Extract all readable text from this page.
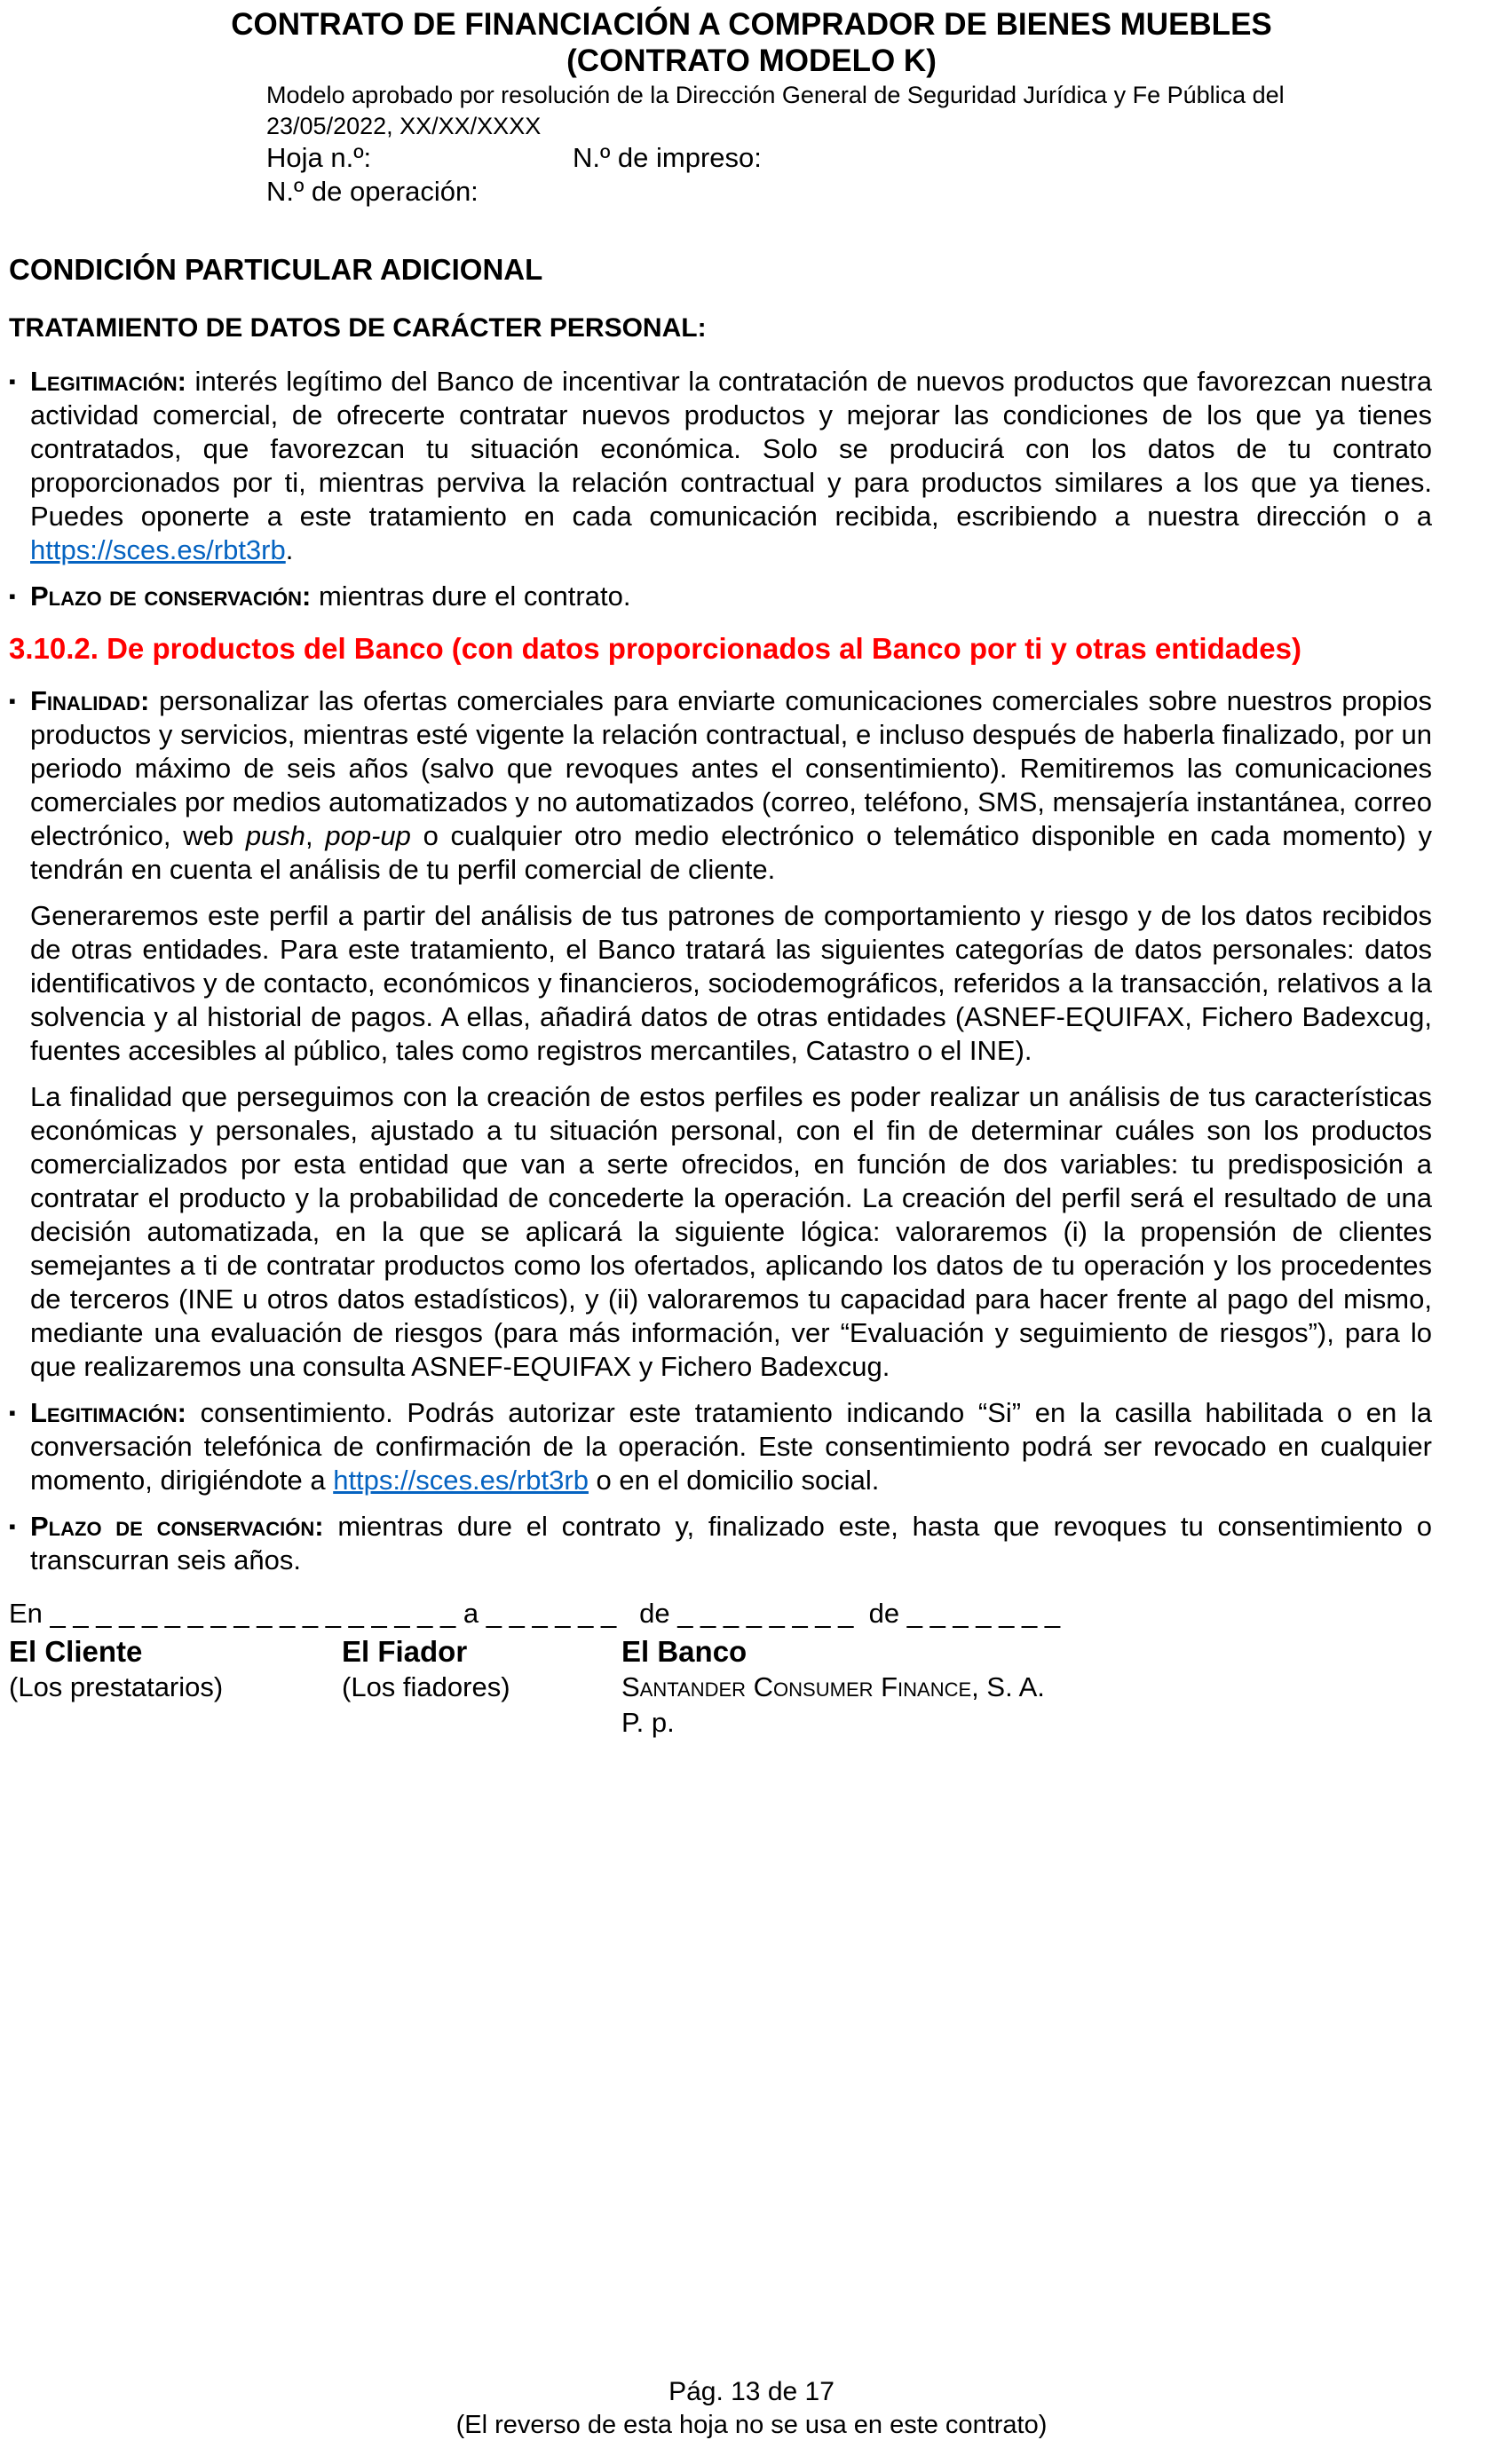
CONTRATO DE FINANCIACIÓN A COMPRADOR DE BIENES MUEBLES
(CONTRATO MODELO K)
Modelo aprobado por resolución de la Dirección General de Seguridad Jurídica y Fe Pública del
23/05/2022, XX/XX/XXXX
Hoja n.º:	N.º de impreso:
N.º de operación:
CONDICIÓN PARTICULAR ADICIONAL
TRATAMIENTO DE DATOS DE CARÁCTER PERSONAL:
▪ Legitimación: interés legítimo del Banco de incentivar la contratación de nuevos productos que favorezcan nuestra actividad comercial, de ofrecerte contratar nuevos productos y mejorar las condiciones de los que ya tienes contratados, que favorezcan tu situación económica. Solo se producirá con los datos de tu contrato proporcionados por ti, mientras perviva la relación contractual y para productos similares a los que ya tienes. Puedes oponerte a este tratamiento en cada comunicación recibida, escribiendo a nuestra dirección o a https://sces.es/rbt3rb.
▪ Plazo de conservación: mientras dure el contrato.
3.10.2. De productos del Banco (con datos proporcionados al Banco por ti y otras entidades)
▪ Finalidad: personalizar las ofertas comerciales para enviarte comunicaciones comerciales sobre nuestros propios productos y servicios, mientras esté vigente la relación contractual, e incluso después de haberla finalizado, por un periodo máximo de seis años (salvo que revoques antes el consentimiento). Remitiremos las comunicaciones comerciales por medios automatizados y no automatizados (correo, teléfono, SMS, mensajería instantánea, correo electrónico, web push, pop-up o cualquier otro medio electrónico o telemático disponible en cada momento) y tendrán en cuenta el análisis de tu perfil comercial de cliente.
Generaremos este perfil a partir del análisis de tus patrones de comportamiento y riesgo y de los datos recibidos de otras entidades. Para este tratamiento, el Banco tratará las siguientes categorías de datos personales: datos identificativos y de contacto, económicos y financieros, sociodemográficos, referidos a la transacción, relativos a la solvencia y al historial de pagos. A ellas, añadirá datos de otras entidades (ASNEF-EQUIFAX, Fichero Badexcug, fuentes accesibles al público, tales como registros mercantiles, Catastro o el INE).
La finalidad que perseguimos con la creación de estos perfiles es poder realizar un análisis de tus características económicas y personales, ajustado a tu situación personal, con el fin de determinar cuáles son los productos comercializados por esta entidad que van a serte ofrecidos, en función de dos variables: tu predisposición a contratar el producto y la probabilidad de concederte la operación. La creación del perfil será el resultado de una decisión automatizada, en la que se aplicará la siguiente lógica: valoraremos (i) la propensión de clientes semejantes a ti de contratar productos como los ofertados, aplicando los datos de tu operación y los procedentes de terceros (INE u otros datos estadísticos), y (ii) valoraremos tu capacidad para hacer frente al pago del mismo, mediante una evaluación de riesgos (para más información, ver “Evaluación y seguimiento de riesgos”), para lo que realizaremos una consulta ASNEF-EQUIFAX y Fichero Badexcug.
▪ Legitimación: consentimiento. Podrás autorizar este tratamiento indicando “Si” en la casilla habilitada o en la conversación telefónica de confirmación de la operación. Este consentimiento podrá ser revocado en cualquier momento, dirigiéndote a https://sces.es/rbt3rb o en el domicilio social.
▪ Plazo de conservación: mientras dure el contrato y, finalizado este, hasta que revoques tu consentimiento o transcurran seis años.
En _ _ _ _ _ _ _ _ _ _ _ _ _ _ _ _ _ _ a _ _ _ _ _ _   de _ _ _ _ _ _ _ _  de _ _ _ _ _ _ _
El Cliente
(Los prestatarios)
El Fiador
(Los fiadores)
El Banco
Santander Consumer Finance, S. A.
P. p.
Pág. 13 de 17
(El reverso de esta hoja no se usa en este contrato)
